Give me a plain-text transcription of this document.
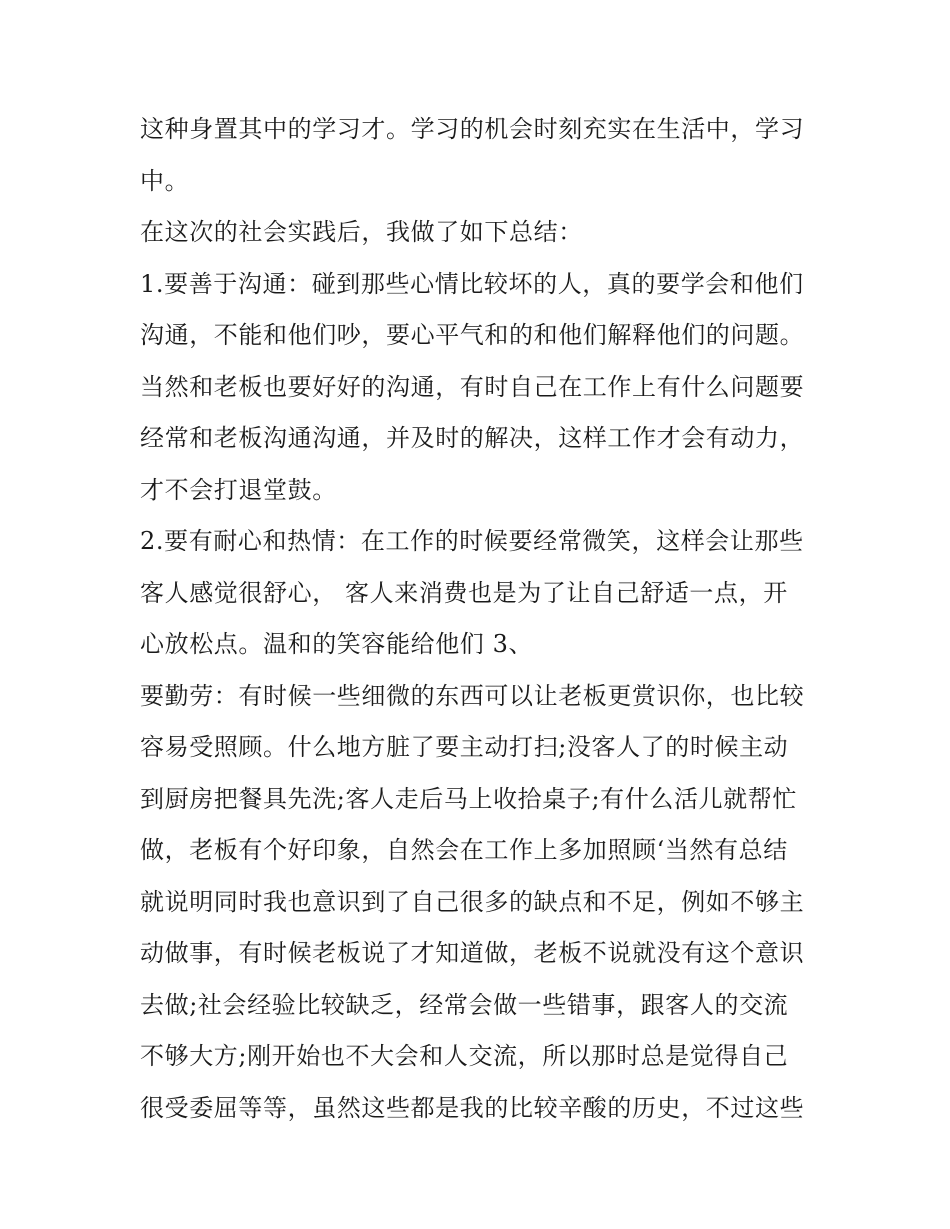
这种身置其中的学习才。学习的机会时刻充实在生活中，学习
中。
在这次的社会实践后，我做了如下总结：
1.要善于沟通：碰到那些心情比较坏的人，真的要学会和他们
沟通，不能和他们吵，要心平气和的和他们解释他们的问题。
当然和老板也要好好的沟通，有时自己在工作上有什么问题要
经常和老板沟通沟通，并及时的解决，这样工作才会有动力，
才不会打退堂鼓。
2.要有耐心和热情：在工作的时候要经常微笑，这样会让那些
客人感觉很舒心， 客人来消费也是为了让自己舒适一点，开
心放松点。温和的笑容能给他们 3、
要勤劳：有时候一些细微的东西可以让老板更赏识你，也比较
容易受照顾。什么地方脏了要主动打扫;没客人了的时候主动
到厨房把餐具先洗;客人走后马上收拾桌子;有什么活儿就帮忙
做，老板有个好印象，自然会在工作上多加照顾‘当然有总结
就说明同时我也意识到了自己很多的缺点和不足，例如不够主
动做事，有时候老板说了才知道做，老板不说就没有这个意识
去做;社会经验比较缺乏，经常会做一些错事，跟客人的交流
不够大方;刚开始也不大会和人交流，所以那时总是觉得自己
很受委屈等等，虽然这些都是我的比较辛酸的历史，不过这些
